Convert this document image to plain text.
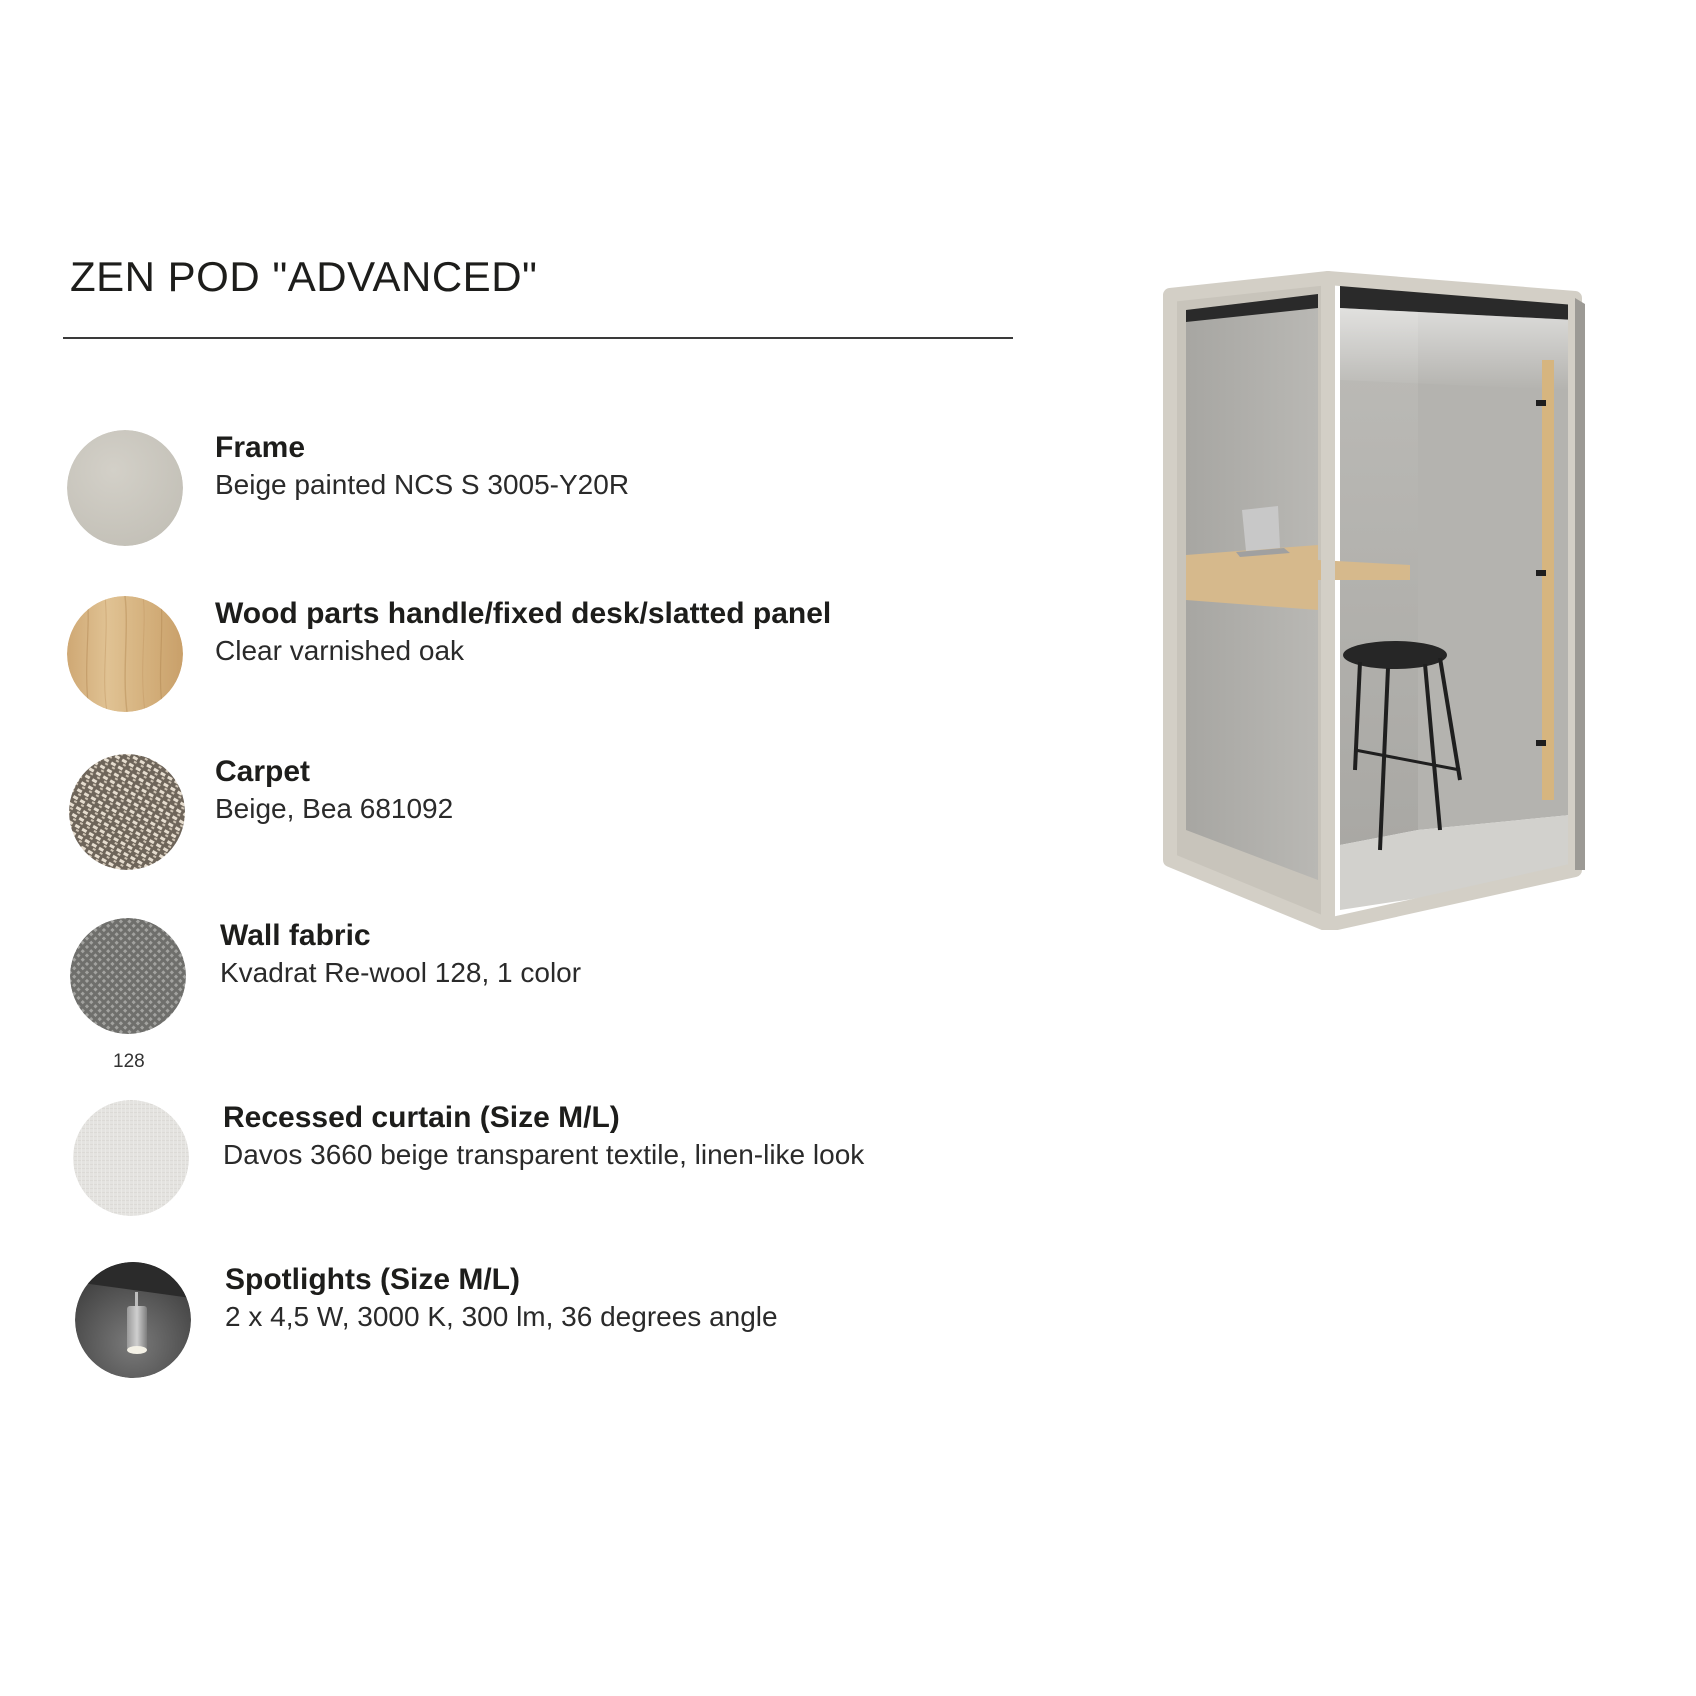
ZEN POD "ADVANCED"
Frame
Beige painted NCS S 3005-Y20R
Wood parts handle/fixed desk/slatted panel
Clear varnished oak
Carpet
Beige, Bea 681092
128
Wall fabric
Kvadrat Re-wool 128, 1 color
Recessed curtain (Size M/L)
Davos 3660 beige transparent textile, linen-like look
Spotlights (Size M/L)
2 x 4,5 W, 3000 K, 300 lm, 36 degrees angle
